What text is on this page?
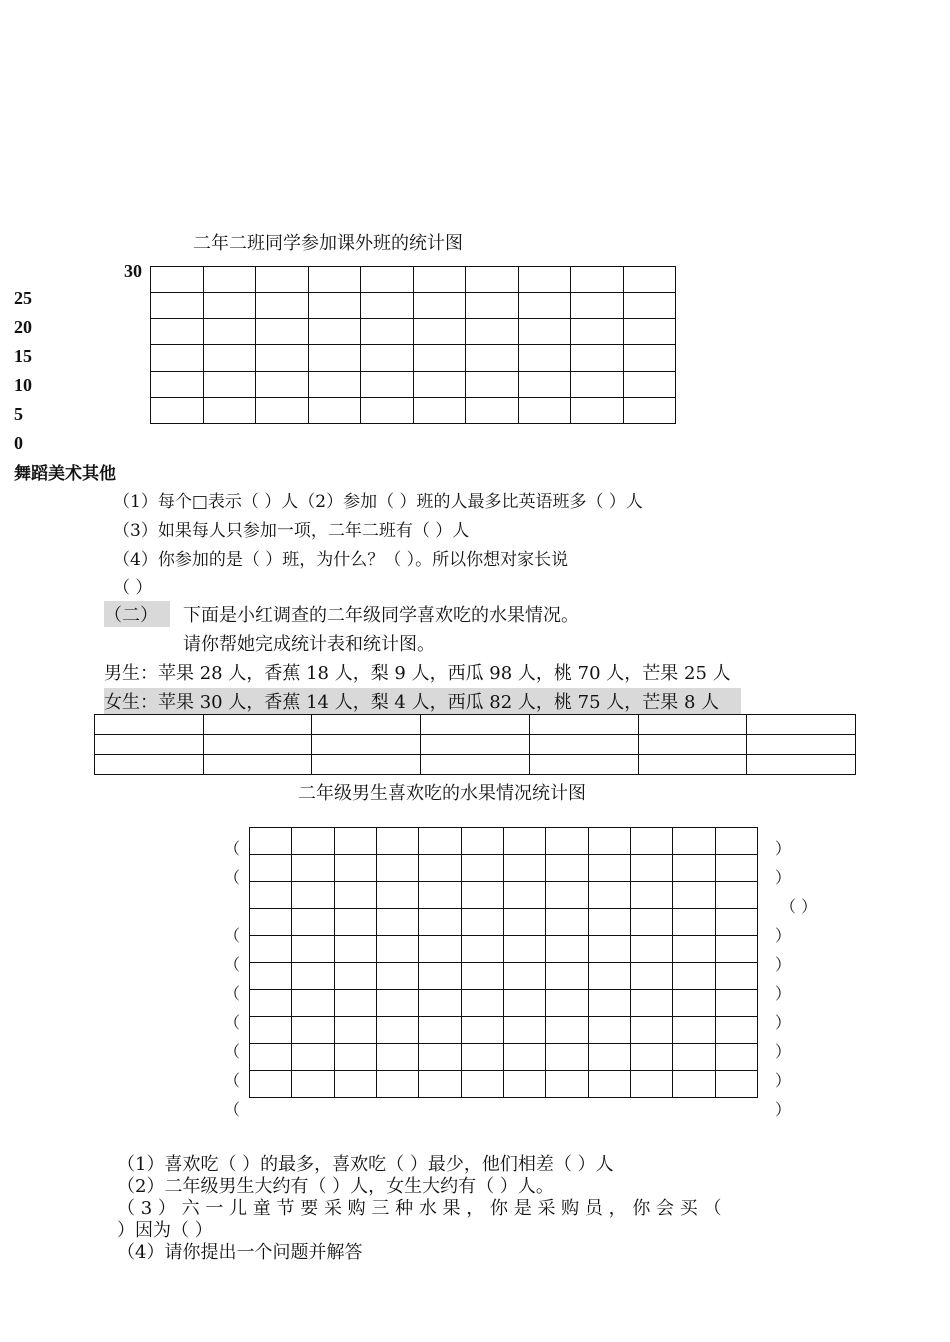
二年二班同学参加课外班的统计图
30

25
20
15
10
5
0
舞蹈美术其他
（1）每个□表示（ ）人（2）参加（ ）班的人最多比英语班多（ ）人
（3）如果每人只参加一项，二年二班有（ ）人
（4）你参加的是（ ）班，为什么？（ ）。所以你想对家长说
（ ）
（二）	下面是小红调查的二年级同学喜欢吃的水果情况。
请你帮她完成统计表和统计图。
男生：苹果 28 人，香蕉 18 人，梨 9 人，西瓜 98 人，桃 70 人，芒果 25 人
女生：苹果 30 人，香蕉 14 人，梨 4 人，西瓜 82 人，桃 75 人，芒果 8 人

二年级男生喜欢吃的水果情况统计图

（
（
（
（
（
（
（
（
（
）
）
）
）
）
）
）
）
）
（ ）
（1）喜欢吃（ ）的最多，喜欢吃（ ）最少，他们相差（ ）人
（2）二年级男生大约有（ ）人，女生大约有（ ）人。
（ 3 ） 六 一 儿 童 节 要 采 购 三 种 水 果 ， 你 是 采 购 员 ， 你 会 买 （
）因为（ ）
（4）请你提出一个问题并解答
